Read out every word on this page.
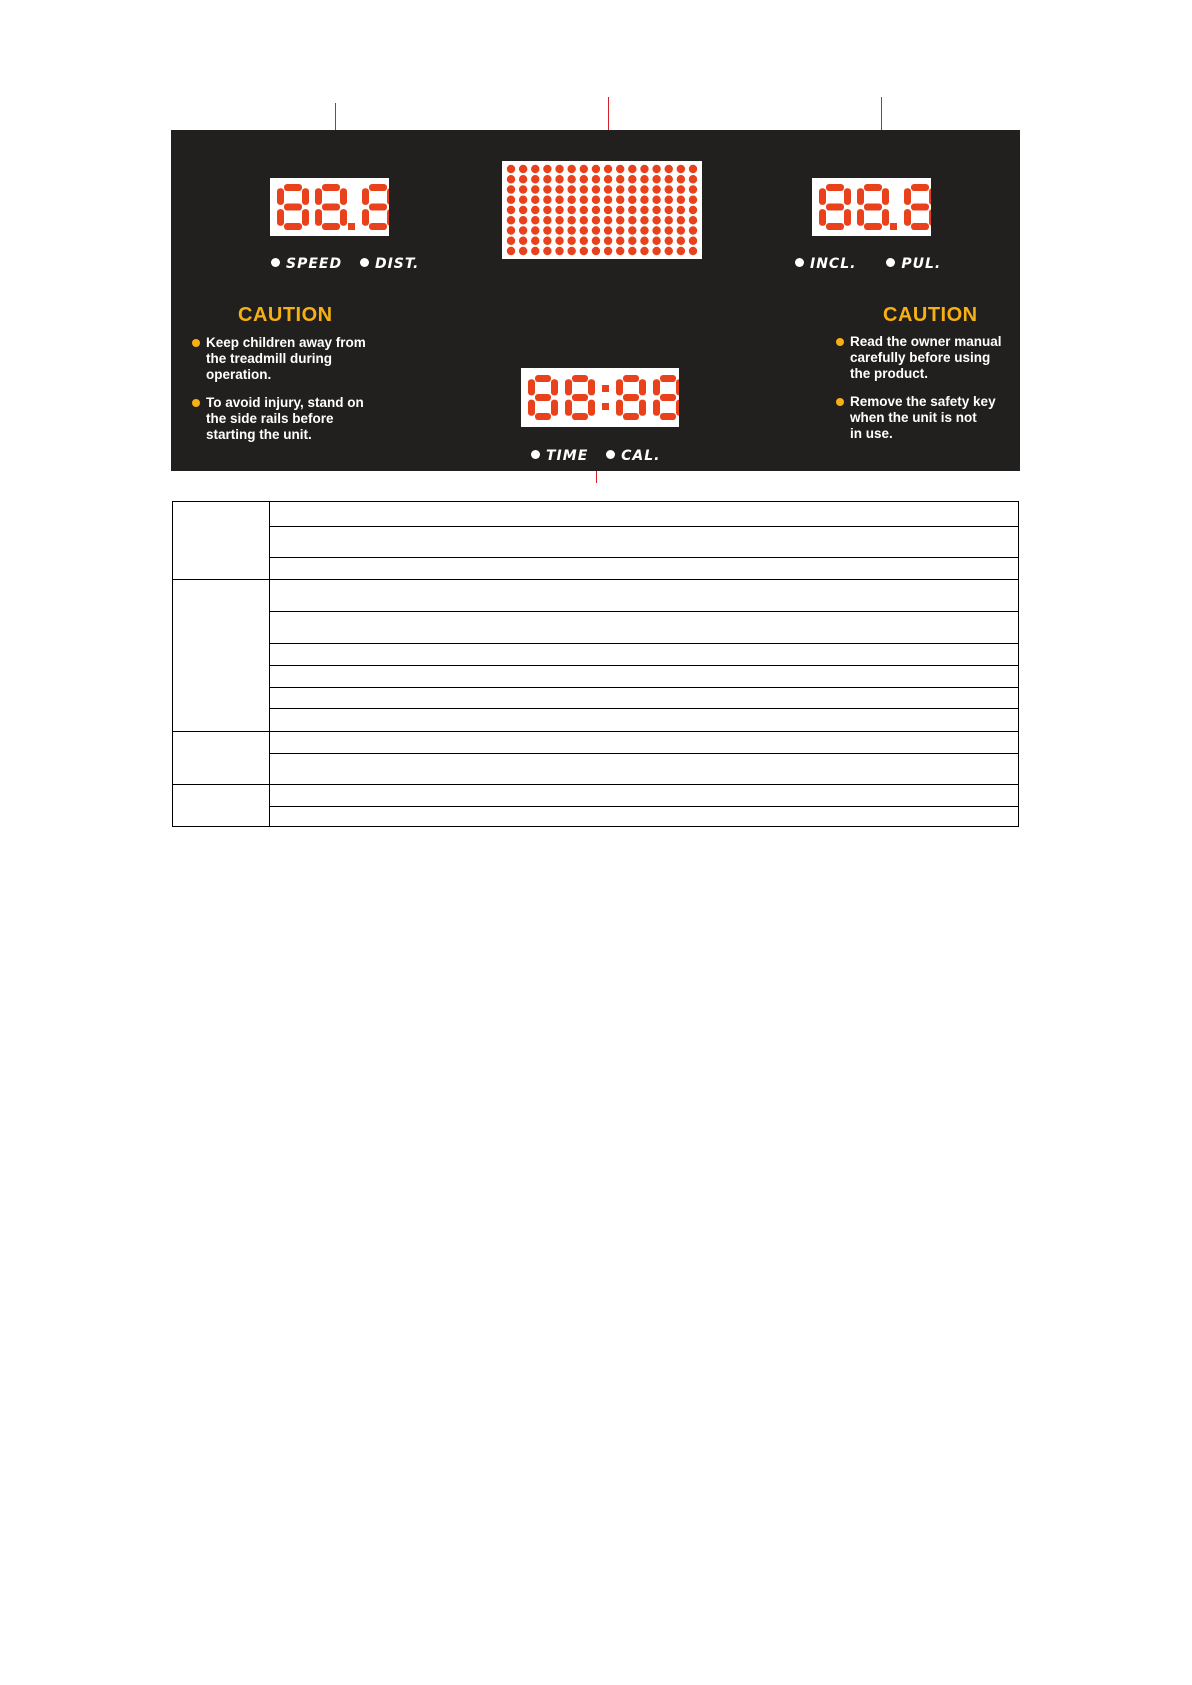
SPEED DIST.	INCL.	PUL.
TIME CAL.
CAUTION
Keep children away from
the treadmill during
operation.
To avoid injury, stand on
the side rails before
starting the unit.
CAUTION
Read the owner manual
carefully before using
the product.
Remove the safety key
when the unit is not
in use.
